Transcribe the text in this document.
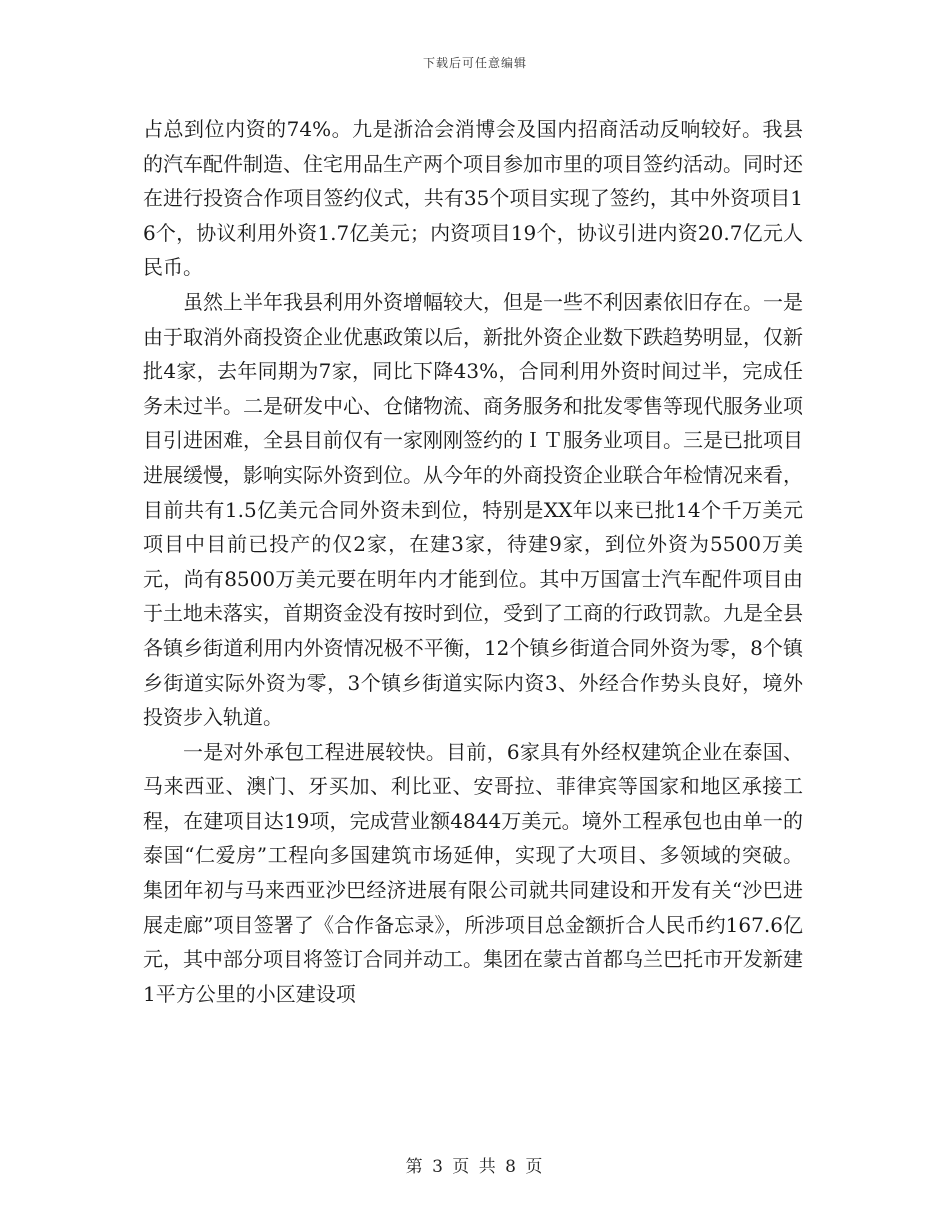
下载后可任意编辑

占总到位内资的74%。九是浙洽会消博会及国内招商活动反响较好。我县的汽车配件制造、住宅用品生产两个项目参加市里的项目签约活动。同时还在进行投资合作项目签约仪式，共有35个项目实现了签约，其中外资项目16个，协议利用外资1.7亿美元；内资项目19个，协议引进内资20.7亿元人民币。

虽然上半年我县利用外资增幅较大，但是一些不利因素依旧存在。一是由于取消外商投资企业优惠政策以后，新批外资企业数下跌趋势明显，仅新批4家，去年同期为7家，同比下降43%，合同利用外资时间过半，完成任务未过半。二是研发中心、仓储物流、商务服务和批发零售等现代服务业项目引进困难，全县目前仅有一家刚刚签约的ＩＴ服务业项目。三是已批项目进展缓慢，影响实际外资到位。从今年的外商投资企业联合年检情况来看，目前共有1.5亿美元合同外资未到位，特别是XX年以来已批14个千万美元项目中目前已投产的仅2家，在建3家，待建9家，到位外资为5500万美元，尚有8500万美元要在明年内才能到位。其中万国富士汽车配件项目由于土地未落实，首期资金没有按时到位，受到了工商的行政罚款。九是全县各镇乡街道利用内外资情况极不平衡，12个镇乡街道合同外资为零，8个镇乡街道实际外资为零，3个镇乡街道实际内资3、外经合作势头良好，境外投资步入轨道。

一是对外承包工程进展较快。目前，6家具有外经权建筑企业在泰国、马来西亚、澳门、牙买加、利比亚、安哥拉、菲律宾等国家和地区承接工程，在建项目达19项，完成营业额4844万美元。境外工程承包也由单一的泰国“仁爱房”工程向多国建筑市场延伸，实现了大项目、多领域的突破。集团年初与马来西亚沙巴经济进展有限公司就共同建设和开发有关“沙巴进展走廊”项目签署了《合作备忘录》，所涉项目总金额折合人民币约167.6亿元，其中部分项目将签订合同并动工。集团在蒙古首都乌兰巴托市开发新建1平方公里的小区建设项

第 3 页 共 8 页
